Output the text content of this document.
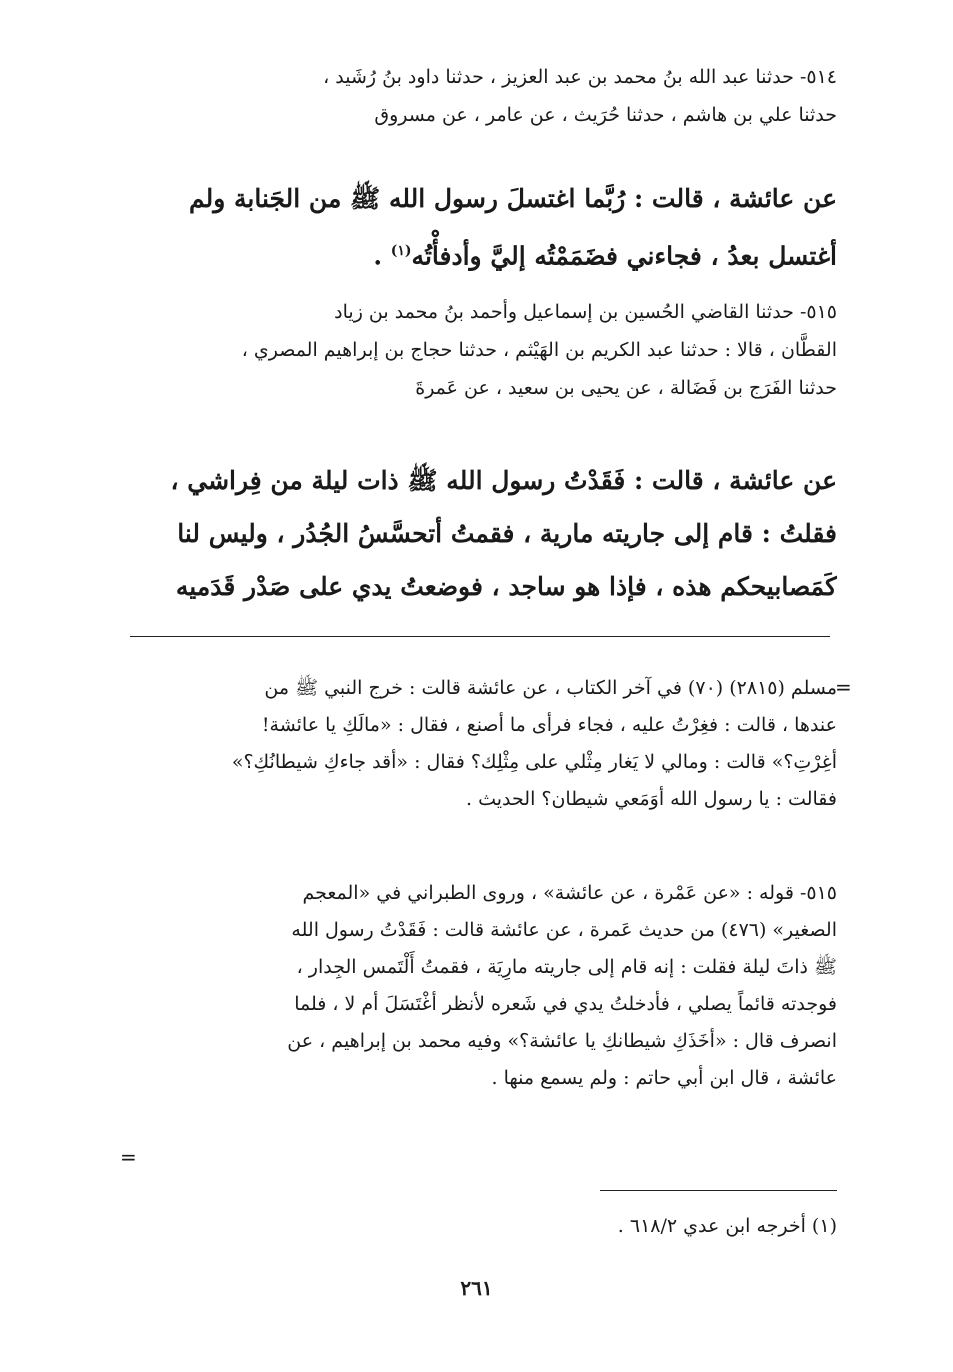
٥١٤- حدثنا عبد الله بنُ محمد بن عبد العزيز ، حدثنا داود بنُ رُشَيد ،
حدثنا علي بن هاشم ، حدثنا حُرَيث ، عن عامر ، عن مسروق
عن عائشة ، قالت : رُبَّما اغتسلَ رسول الله ﷺ من الجَنابة ولم
أغتسل بعدُ ، فجاءني فضَمَمْتُه إليَّ وأدفأْتُه$^{(١)}$ .
٥١٥- حدثنا القاضي الحُسين بن إسماعيل وأحمد بنُ محمد بن زياد
القطَّان ، قالا : حدثنا عبد الكريم بن الهَيْثم ، حدثنا حجاج بن إبراهيم المصري ،
حدثنا الفَرَج بن فَضَالة ، عن يحيى بن سعيد ، عن عَمرةَ
عن عائشة ، قالت : فَقَدْتُ رسول الله ﷺ ذات ليلة من فِراشي ،
فقلتُ : قام إلى جاريته مارية ، فقمتُ أتحسَّسُ الجُدُر ، وليس لنا
كَمَصابيحكم هذه ، فإذا هو ساجد ، فوضعتُ يدي على صَدْر قَدَميه
=
مسلم (٢٨١٥) (٧٠) في آخر الكتاب ، عن عائشة قالت : خرج النبي ﷺ من
عندها ، قالت : فغِرْتُ عليه ، فجاء فرأى ما أصنع ، فقال : «مالَكِ يا عائشة!
أغِرْتِ؟» قالت : ومالي لا يَغار مِثْلي على مِثْلِك؟ فقال : «أقد جاءكِ شيطانُكِ؟»
فقالت : يا رسول الله أوَمَعي شيطان؟ الحديث .
٥١٥- قوله : «عن عَمْرة ، عن عائشة» ، وروى الطبراني في «المعجم
الصغير» (٤٧٦) من حديث عَمرة ، عن عائشة قالت : فَقَدْتُ رسول الله
ﷺ ذاتَ ليلة فقلت : إنه قام إلى جاريته مارِيَة ، فقمتُ أَلْتَمس الجِدار ،
فوجدته قائماً يصلي ، فأدخلتُ يدي في شَعره لأنظر أغْتَسَلَ أم لا ، فلما
انصرف قال : «أخَذَكِ شيطانكِ يا عائشة؟» وفيه محمد بن إبراهيم ، عن
عائشة ، قال ابن أبي حاتم : ولم يسمع منها .
=
(١) أخرجه ابن عدي ٦١٨/٢ .
٢٦١
